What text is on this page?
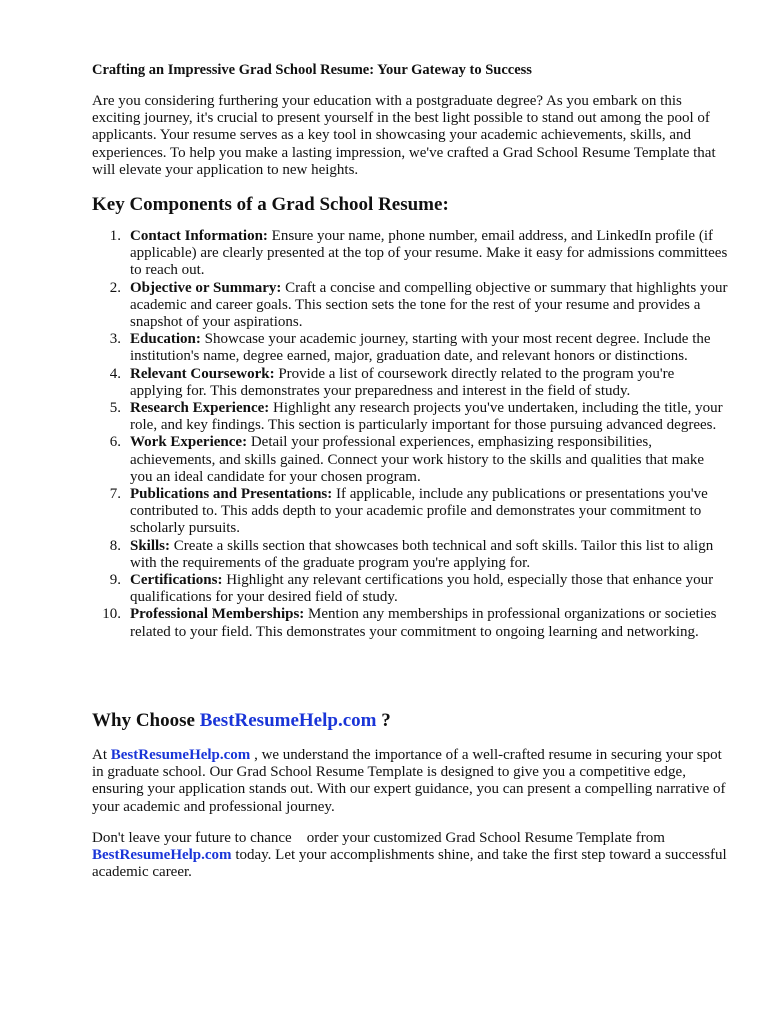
Crafting an Impressive Grad School Resume: Your Gateway to Success

Are you considering furthering your education with a postgraduate degree? As you embark on this exciting journey, it's crucial to present yourself in the best light possible to stand out among the pool of applicants. Your resume serves as a key tool in showcasing your academic achievements, skills, and experiences. To help you make a lasting impression, we've crafted a Grad School Resume Template that will elevate your application to new heights.

Key Components of a Grad School Resume:
1. Contact Information: Ensure your name, phone number, email address, and LinkedIn profile (if applicable) are clearly presented at the top of your resume. Make it easy for admissions committees to reach out.
2. Objective or Summary: Craft a concise and compelling objective or summary that highlights your academic and career goals. This section sets the tone for the rest of your resume and provides a snapshot of your aspirations.
3. Education: Showcase your academic journey, starting with your most recent degree. Include the institution's name, degree earned, major, graduation date, and relevant honors or distinctions.
4. Relevant Coursework: Provide a list of coursework directly related to the program you're applying for. This demonstrates your preparedness and interest in the field of study.
5. Research Experience: Highlight any research projects you've undertaken, including the title, your role, and key findings. This section is particularly important for those pursuing advanced degrees.
6. Work Experience: Detail your professional experiences, emphasizing responsibilities, achievements, and skills gained. Connect your work history to the skills and qualities that make you an ideal candidate for your chosen program.
7. Publications and Presentations: If applicable, include any publications or presentations you've contributed to. This adds depth to your academic profile and demonstrates your commitment to scholarly pursuits.
8. Skills: Create a skills section that showcases both technical and soft skills. Tailor this list to align with the requirements of the graduate program you're applying for.
9. Certifications: Highlight any relevant certifications you hold, especially those that enhance your qualifications for your desired field of study.
10. Professional Memberships: Mention any memberships in professional organizations or societies related to your field. This demonstrates your commitment to ongoing learning and networking.
Why Choose BestResumeHelp.com ?

At BestResumeHelp.com , we understand the importance of a well-crafted resume in securing your spot in graduate school. Our Grad School Resume Template is designed to give you a competitive edge, ensuring your application stands out. With our expert guidance, you can present a compelling narrative of your academic and professional journey.

Don't leave your future to chance    order your customized Grad School Resume Template from BestResumeHelp.com today. Let your accomplishments shine, and take the first step toward a successful academic career.
